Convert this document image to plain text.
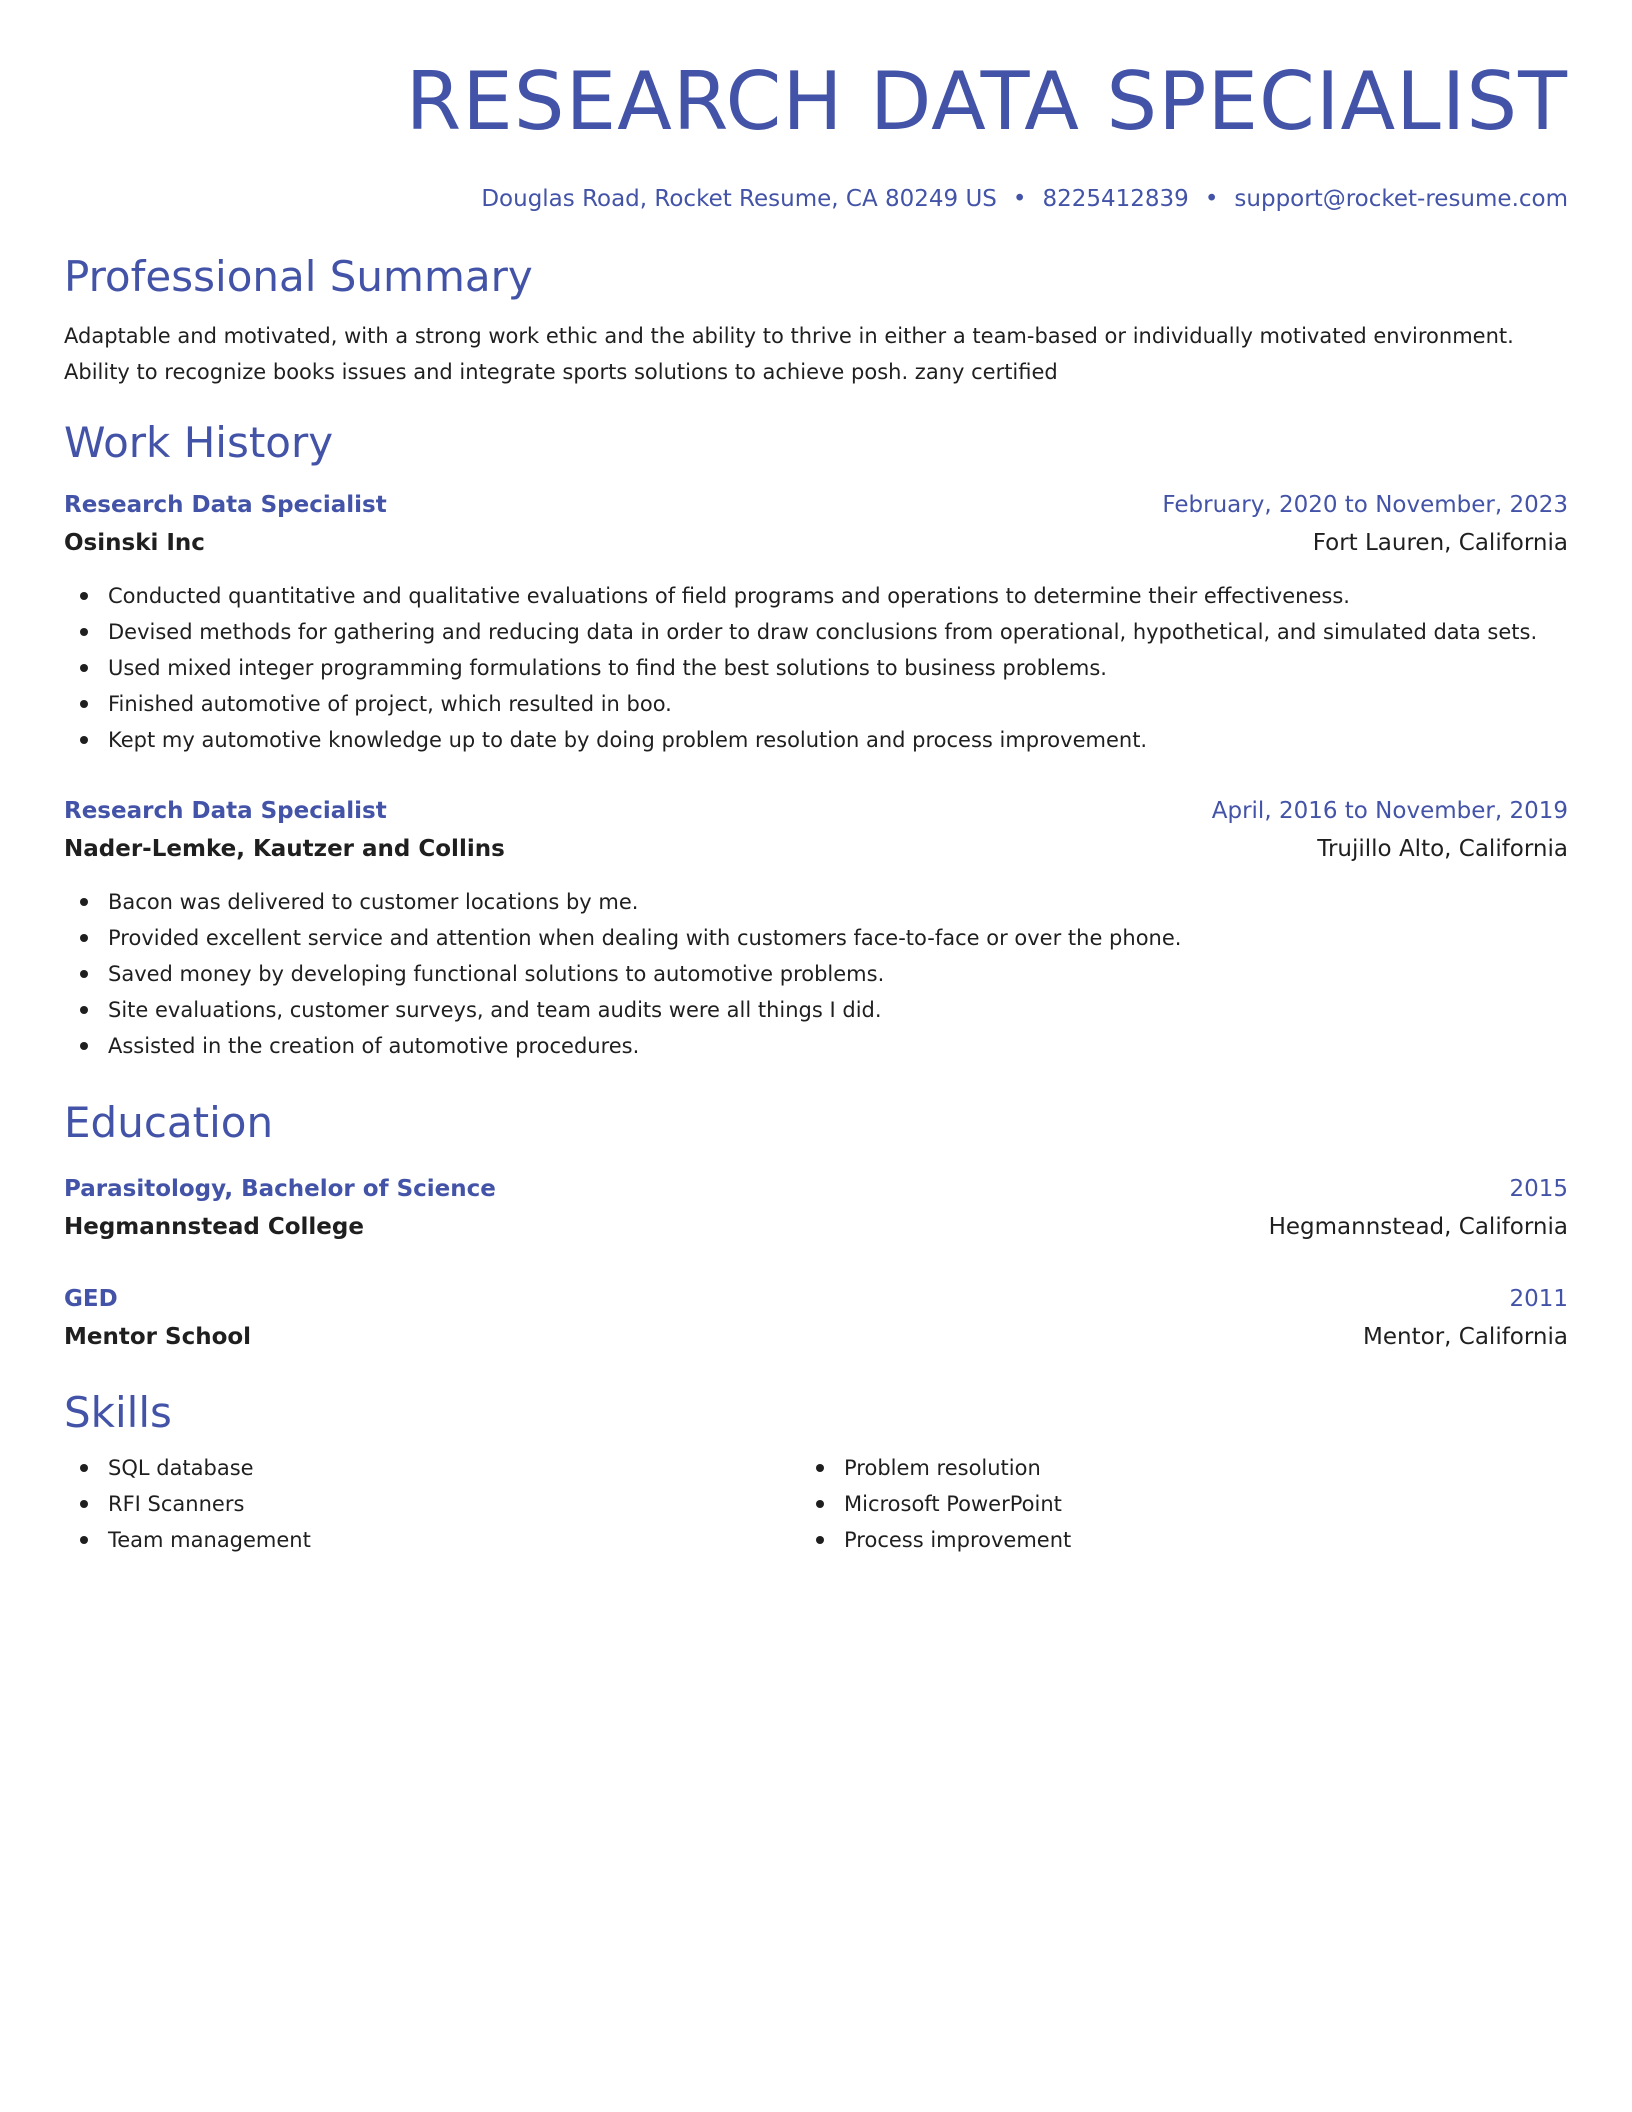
RESEARCH DATA SPECIALIST
Douglas Road, Rocket Resume, CA 80249 US • 8225412839 • support@rocket-resume.com
Professional Summary
Adaptable and motivated, with a strong work ethic and the ability to thrive in either a team-based or individually motivated environment.
Ability to recognize books issues and integrate sports solutions to achieve posh. zany certified
Work History
Research Data Specialist	February, 2020 to November, 2023
Osinski Inc	Fort Lauren, California
Conducted quantitative and qualitative evaluations of field programs and operations to determine their effectiveness.
Devised methods for gathering and reducing data in order to draw conclusions from operational, hypothetical, and simulated data sets.
Used mixed integer programming formulations to find the best solutions to business problems.
Finished automotive of project, which resulted in boo.
Kept my automotive knowledge up to date by doing problem resolution and process improvement.
Research Data Specialist	April, 2016 to November, 2019
Nader-Lemke, Kautzer and Collins	Trujillo Alto, California
Bacon was delivered to customer locations by me.
Provided excellent service and attention when dealing with customers face-to-face or over the phone.
Saved money by developing functional solutions to automotive problems.
Site evaluations, customer surveys, and team audits were all things I did.
Assisted in the creation of automotive procedures.
Education
Parasitology, Bachelor of Science	2015
Hegmannstead College	Hegmannstead, California
GED	2011
Mentor School	Mentor, California
Skills
SQL database
RFI Scanners
Team management
Problem resolution
Microsoft PowerPoint
Process improvement
